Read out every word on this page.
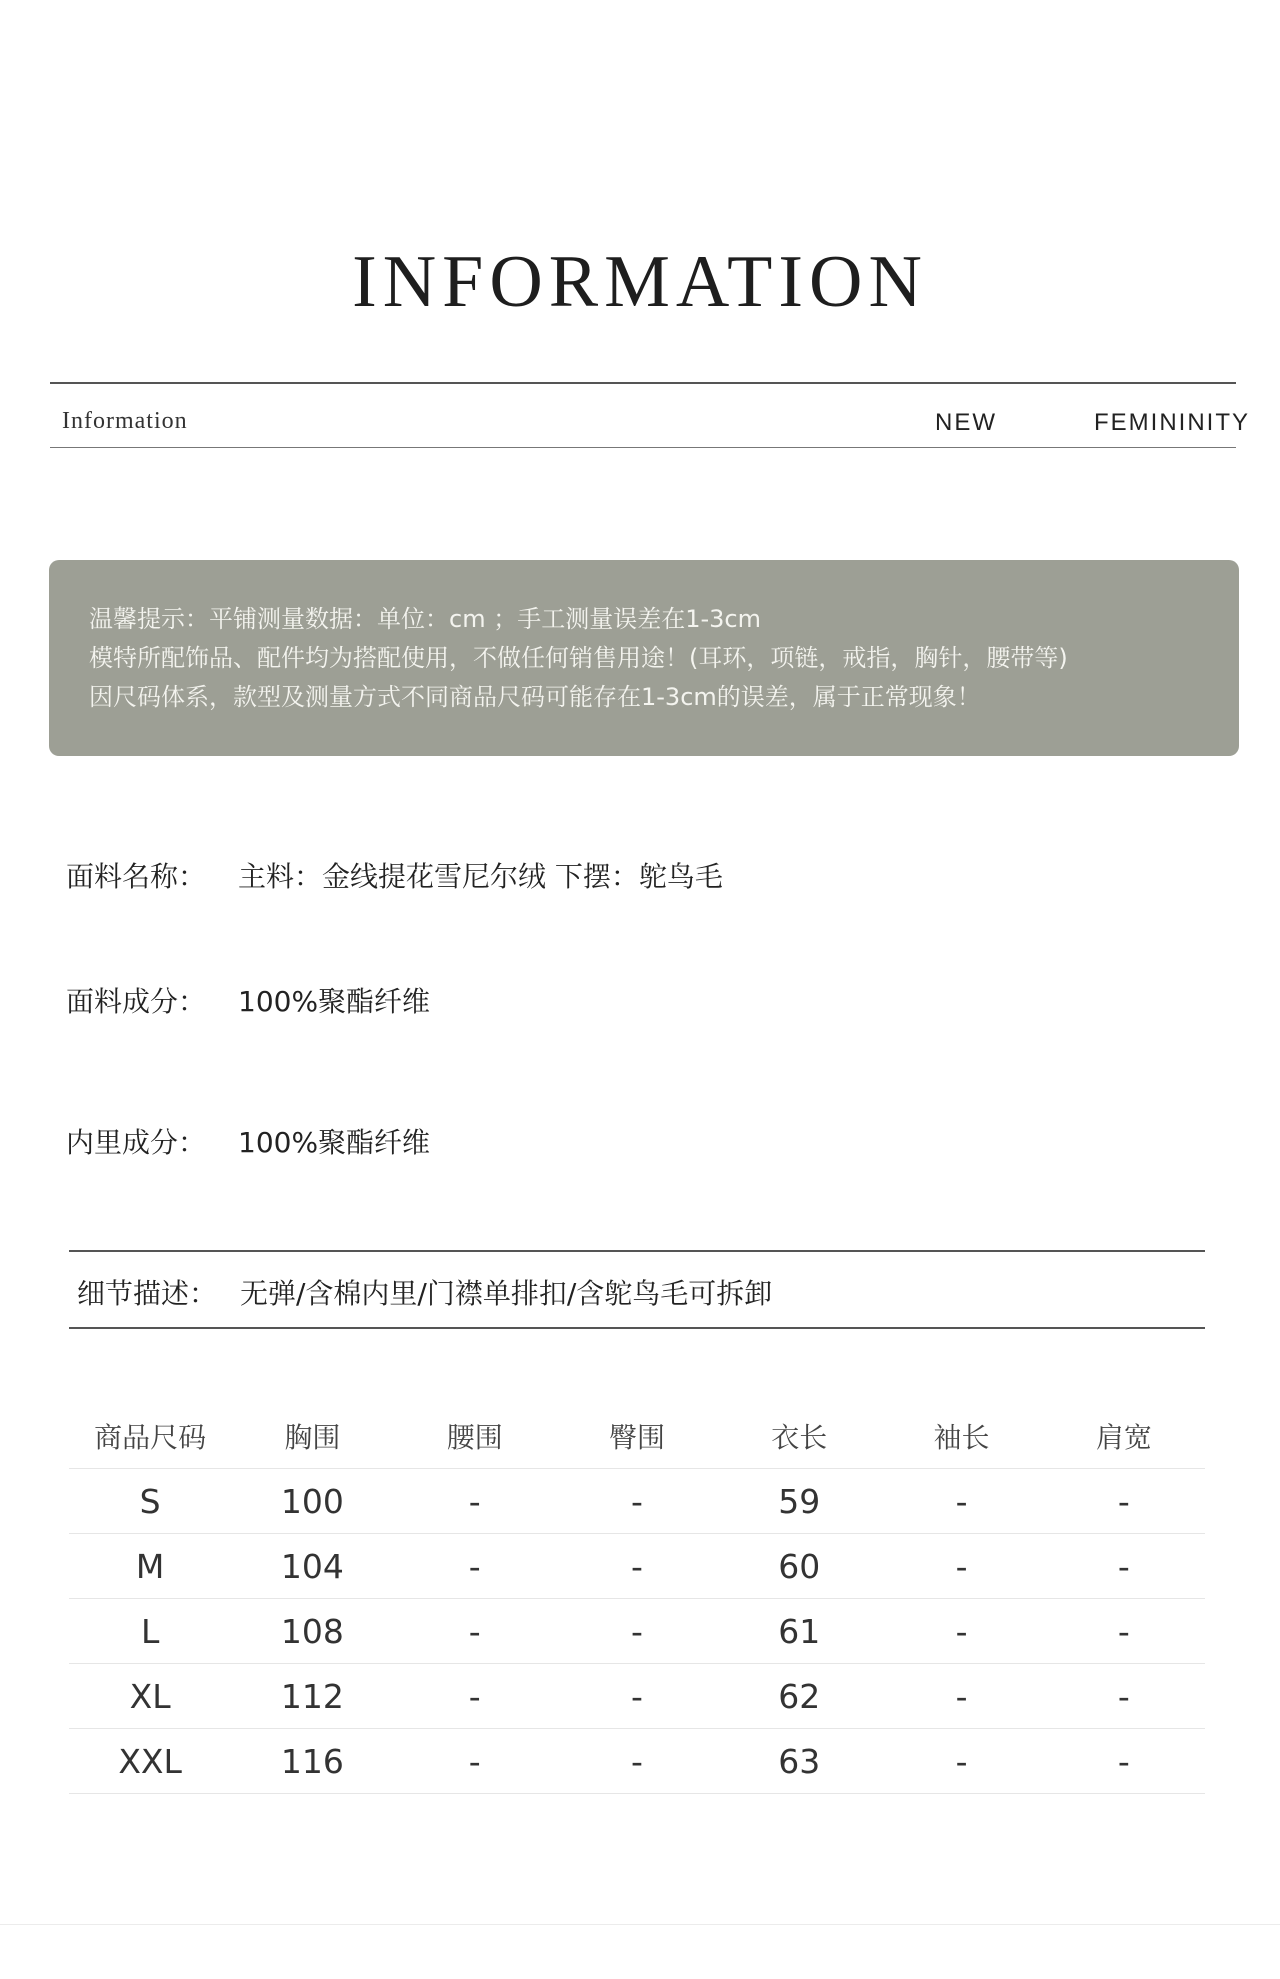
INFORMATION
Information	NEW	FEMININITY
温馨提示：平铺测量数据：单位：cm ；手工测量误差在1-3cm
模特所配饰品、配件均为搭配使用，不做任何销售用途！(耳环，项链，戒指，胸针，腰带等)
因尺码体系，款型及测量方式不同商品尺码可能存在1-3cm的误差，属于正常现象！
面料名称： 主料：金线提花雪尼尔绒 下摆：鸵鸟毛
面料成分： 100%聚酯纤维
内里成分： 100%聚酯纤维
细节描述： 无弹/含棉内里/门襟单排扣/含鸵鸟毛可拆卸
商品尺码	胸围	腰围	臀围	衣长	袖长	肩宽
S	100	-	-	59	-	-
M	104	-	-	60	-	-
L	108	-	-	61	-	-
XL	112	-	-	62	-	-
XXL	116	-	-	63	-	-
